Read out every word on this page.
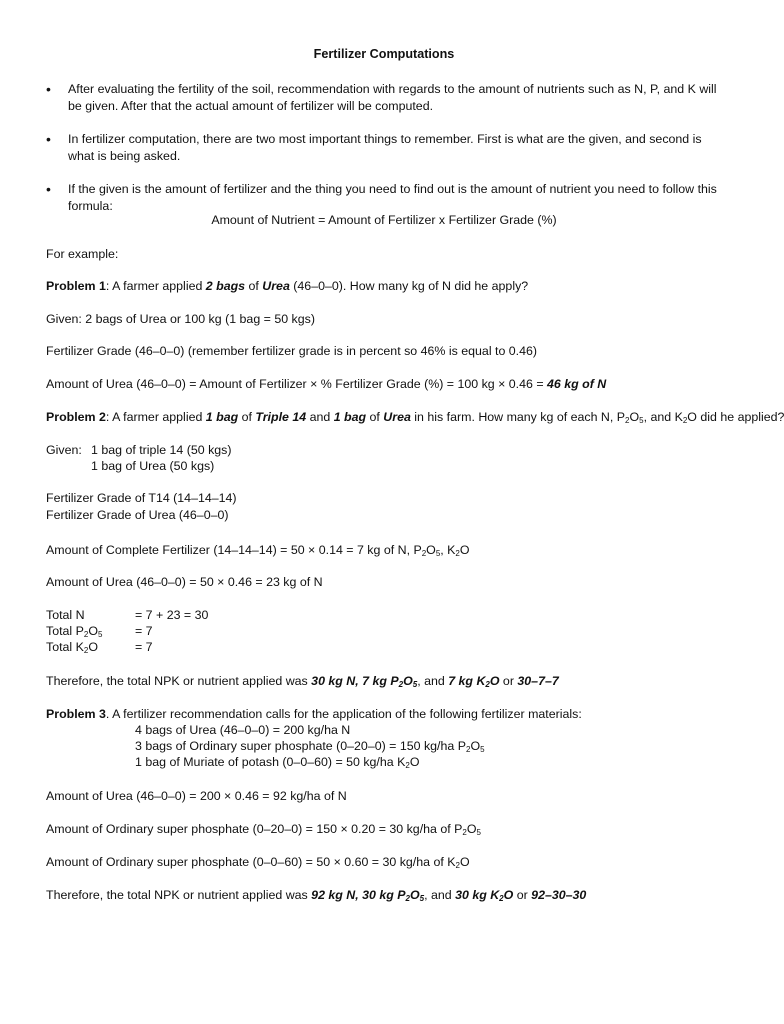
Fertilizer Computations
• After evaluating the fertility of the soil, recommendation with regards to the amount of nutrients such as N, P, and K will be given. After that the actual amount of fertilizer will be computed.
• In fertilizer computation, there are two most important things to remember. First is what are the given, and second is what is being asked.
• If the given is the amount of fertilizer and the thing you need to find out is the amount of nutrient you need to follow this formula:
Amount of Nutrient = Amount of Fertilizer x Fertilizer Grade (%)
For example:
Problem 1: A farmer applied 2 bags of Urea (46–0–0). How many kg of N did he apply?
Given: 2 bags of Urea or 100 kg (1 bag = 50 kgs)
Fertilizer Grade (46–0–0) (remember fertilizer grade is in percent so 46% is equal to 0.46)
Amount of Urea (46–0–0) = Amount of Fertilizer × % Fertilizer Grade (%) = 100 kg × 0.46 = 46 kg of N
Problem 2: A farmer applied 1 bag of Triple 14 and 1 bag of Urea in his farm. How many kg of each N, $P_2O_5$, and $K_2O$ did he applied?
Given: 1 bag of triple 14 (50 kgs)
1 bag of Urea (50 kgs)
Fertilizer Grade of T14 (14–14–14)
Fertilizer Grade of Urea (46–0–0)
Amount of Complete Fertilizer (14–14–14) = 50 × 0.14 = 7 kg of N, $P_2O_5$, $K_2O$
Amount of Urea (46–0–0) = 50 × 0.46 = 23 kg of N
Total N	= 7 + 23 = 30
Total $P_2O_5$	= 7
Total $K_2O$	= 7
Therefore, the total NPK or nutrient applied was 30 kg N, 7 kg $P_2O_5$, and 7 kg $K_2O$ or 30–7–7
Problem 3. A fertilizer recommendation calls for the application of the following fertilizer materials:
4 bags of Urea (46–0–0) = 200 kg/ha N
3 bags of Ordinary super phosphate (0–20–0) = 150 kg/ha $P_2O_5$
1 bag of Muriate of potash (0–0–60) = 50 kg/ha $K_2O$
Amount of Urea (46–0–0) = 200 × 0.46 = 92 kg/ha of N
Amount of Ordinary super phosphate (0–20–0) = 150 × 0.20 = 30 kg/ha of $P_2O_5$
Amount of Ordinary super phosphate (0–0–60) = 50 × 0.60 = 30 kg/ha of $K_2O$
Therefore, the total NPK or nutrient applied was 92 kg N, 30 kg $P_2O_5$, and 30 kg $K_2O$ or 92–30–30
